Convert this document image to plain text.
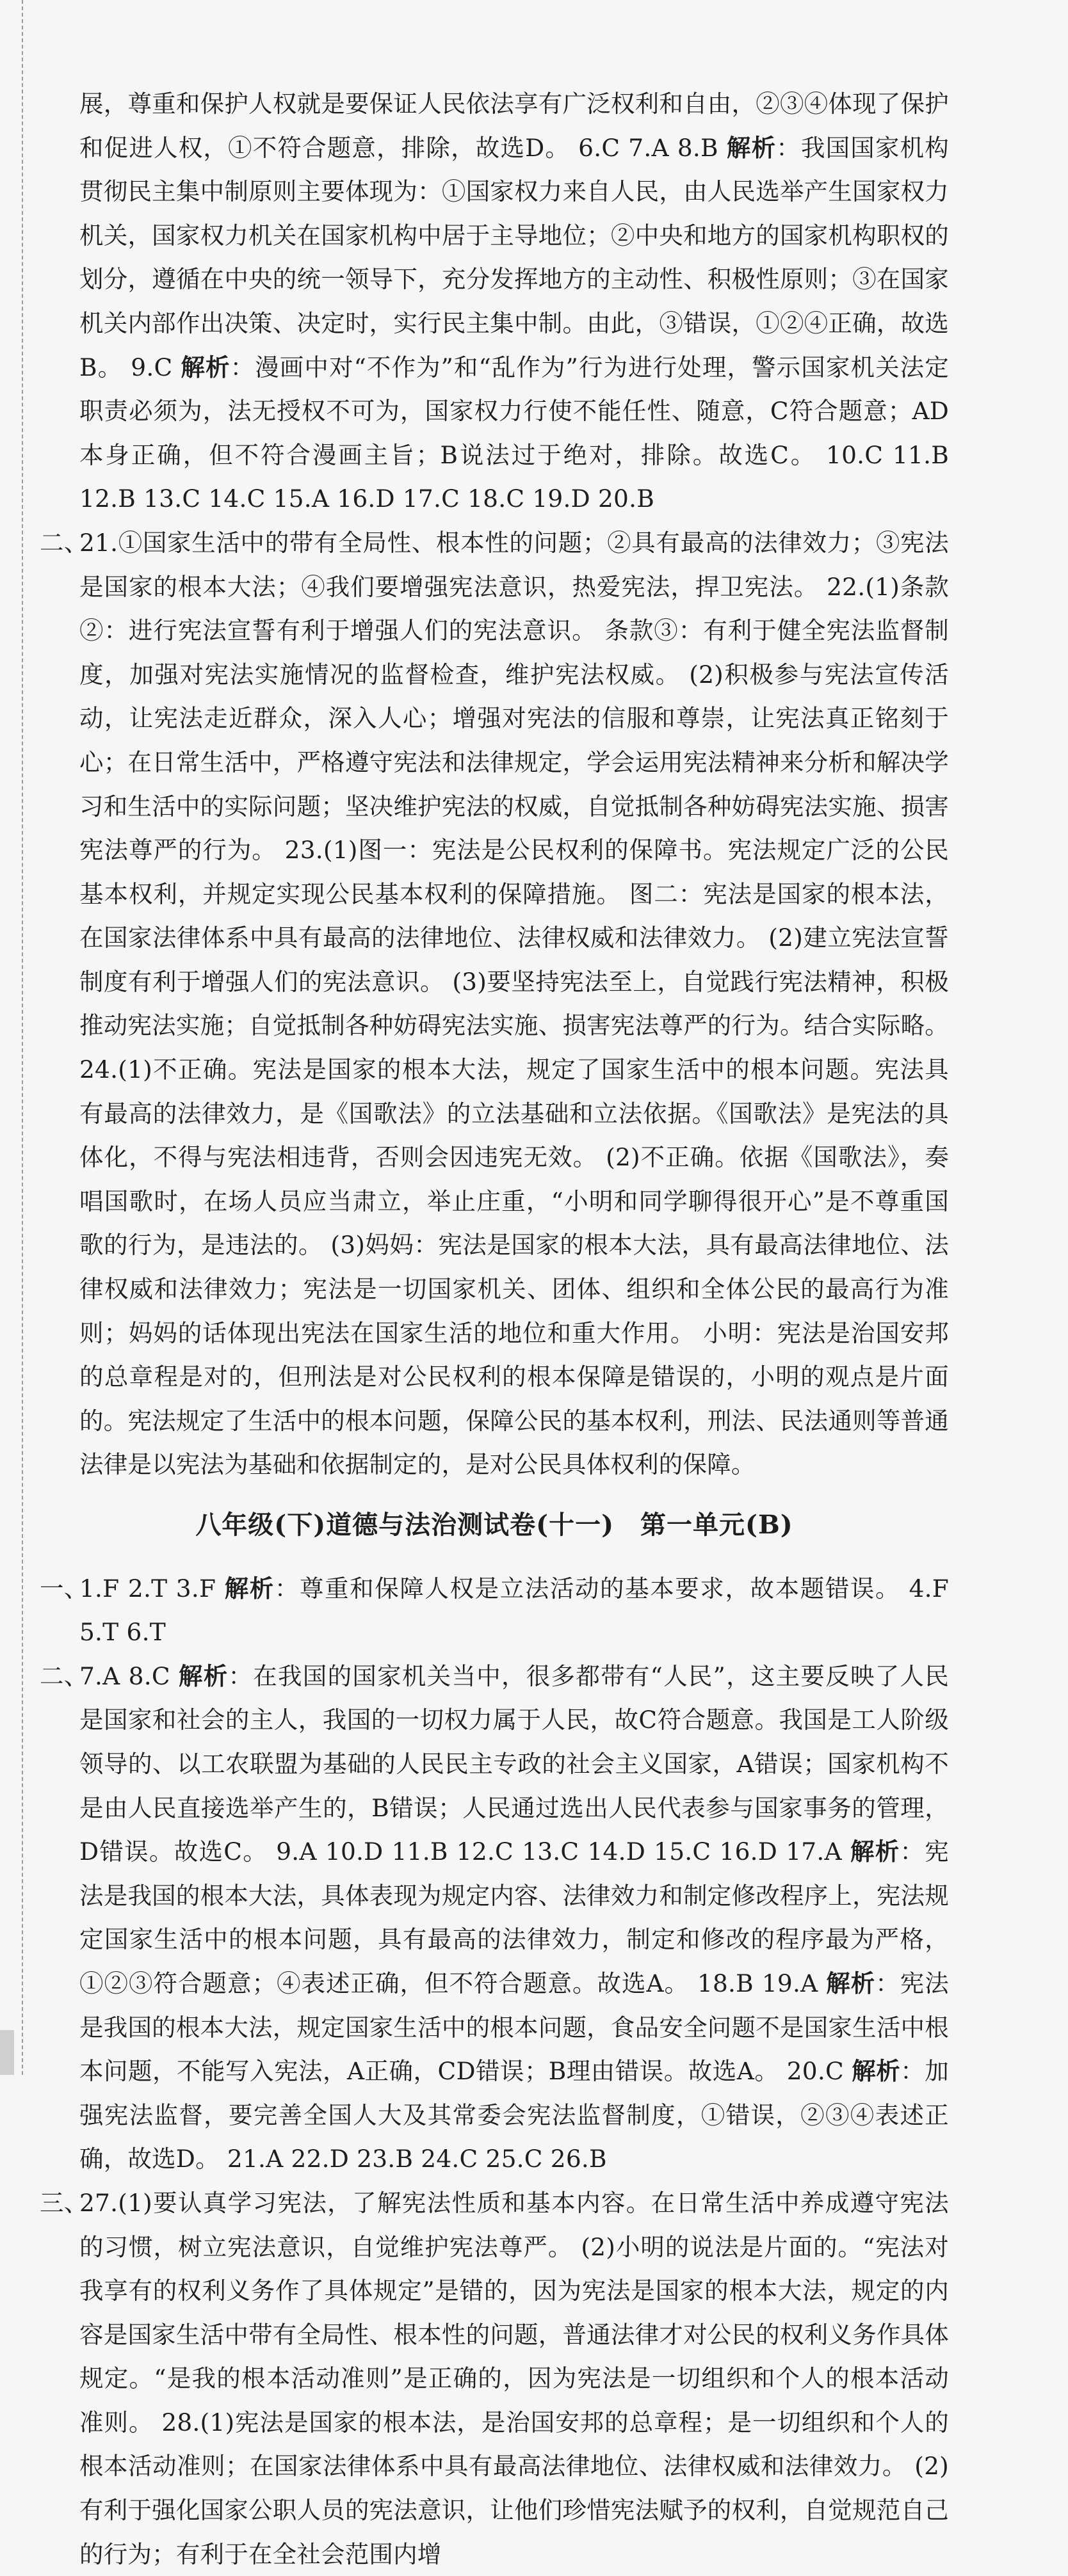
展，尊重和保护人权就是要保证人民依法享有广泛权利和自由，②③④体现了保护和促进人权，①不符合题意，排除，故选D。 6.C 7.A 8.B 解析：我国国家机构贯彻民主集中制原则主要体现为：①国家权力来自人民，由人民选举产生国家权力机关，国家权力机关在国家机构中居于主导地位；②中央和地方的国家机构职权的划分，遵循在中央的统一领导下，充分发挥地方的主动性、积极性原则；③在国家机关内部作出决策、决定时，实行民主集中制。由此，③错误，①②④正确，故选B。 9.C 解析：漫画中对“不作为”和“乱作为”行为进行处理，警示国家机关法定职责必须为，法无授权不可为，国家权力行使不能任性、随意，C符合题意；AD本身正确，但不符合漫画主旨；B说法过于绝对，排除。故选C。 10.C 11.B 12.B 13.C 14.C 15.A 16.D 17.C 18.C 19.D 20.B

二、
21.①国家生活中的带有全局性、根本性的问题；②具有最高的法律效力；③宪法是国家的根本大法；④我们要增强宪法意识，热爱宪法，捍卫宪法。 22.(1)条款②：进行宪法宣誓有利于增强人们的宪法意识。 条款③：有利于健全宪法监督制度，加强对宪法实施情况的监督检查，维护宪法权威。 (2)积极参与宪法宣传活动，让宪法走近群众，深入人心；增强对宪法的信服和尊崇，让宪法真正铭刻于心；在日常生活中，严格遵守宪法和法律规定，学会运用宪法精神来分析和解决学习和生活中的实际问题；坚决维护宪法的权威，自觉抵制各种妨碍宪法实施、损害宪法尊严的行为。 23.(1)图一：宪法是公民权利的保障书。宪法规定广泛的公民基本权利，并规定实现公民基本权利的保障措施。 图二：宪法是国家的根本法，在国家法律体系中具有最高的法律地位、法律权威和法律效力。 (2)建立宪法宣誓制度有利于增强人们的宪法意识。 (3)要坚持宪法至上，自觉践行宪法精神，积极推动宪法实施；自觉抵制各种妨碍宪法实施、损害宪法尊严的行为。结合实际略。 24.(1)不正确。宪法是国家的根本大法，规定了国家生活中的根本问题。宪法具有最高的法律效力，是《国歌法》的立法基础和立法依据。《国歌法》是宪法的具体化，不得与宪法相违背，否则会因违宪无效。 (2)不正确。依据《国歌法》，奏唱国歌时，在场人员应当肃立，举止庄重，“小明和同学聊得很开心”是不尊重国歌的行为，是违法的。 (3)妈妈：宪法是国家的根本大法，具有最高法律地位、法律权威和法律效力；宪法是一切国家机关、团体、组织和全体公民的最高行为准则；妈妈的话体现出宪法在国家生活的地位和重大作用。 小明：宪法是治国安邦的总章程是对的，但刑法是对公民权利的根本保障是错误的，小明的观点是片面的。宪法规定了生活中的根本问题，保障公民的基本权利，刑法、民法通则等普通法律是以宪法为基础和依据制定的，是对公民具体权利的保障。
八年级(下)道德与法治测试卷(十一)　第一单元(B)
一、
1.F 2.T 3.F 解析：尊重和保障人权是立法活动的基本要求，故本题错误。 4.F 5.T 6.T
二、
7.A 8.C 解析：在我国的国家机关当中，很多都带有“人民”，这主要反映了人民是国家和社会的主人，我国的一切权力属于人民，故C符合题意。我国是工人阶级领导的、以工农联盟为基础的人民民主专政的社会主义国家，A错误；国家机构不是由人民直接选举产生的，B错误；人民通过选出人民代表参与国家事务的管理，D错误。故选C。 9.A 10.D 11.B 12.C 13.C 14.D 15.C 16.D 17.A 解析：宪法是我国的根本大法，具体表现为规定内容、法律效力和制定修改程序上，宪法规定国家生活中的根本问题，具有最高的法律效力，制定和修改的程序最为严格，①②③符合题意；④表述正确，但不符合题意。故选A。 18.B 19.A 解析：宪法是我国的根本大法，规定国家生活中的根本问题，食品安全问题不是国家生活中根本问题，不能写入宪法，A正确，CD错误；B理由错误。故选A。 20.C 解析：加强宪法监督，要完善全国人大及其常委会宪法监督制度，①错误，②③④表述正确，故选D。 21.A 22.D 23.B 24.C 25.C 26.B
三、
27.(1)要认真学习宪法，了解宪法性质和基本内容。在日常生活中养成遵守宪法的习惯，树立宪法意识，自觉维护宪法尊严。 (2)小明的说法是片面的。“宪法对我享有的权利义务作了具体规定”是错的，因为宪法是国家的根本大法，规定的内容是国家生活中带有全局性、根本性的问题，普通法律才对公民的权利义务作具体规定。“是我的根本活动准则”是正确的，因为宪法是一切组织和个人的根本活动准则。 28.(1)宪法是国家的根本法，是治国安邦的总章程；是一切组织和个人的根本活动准则；在国家法律体系中具有最高法律地位、法律权威和法律效力。 (2)有利于强化国家公职人员的宪法意识，让他们珍惜宪法赋予的权利，自觉规范自己的行为；有利于在全社会范围内增
